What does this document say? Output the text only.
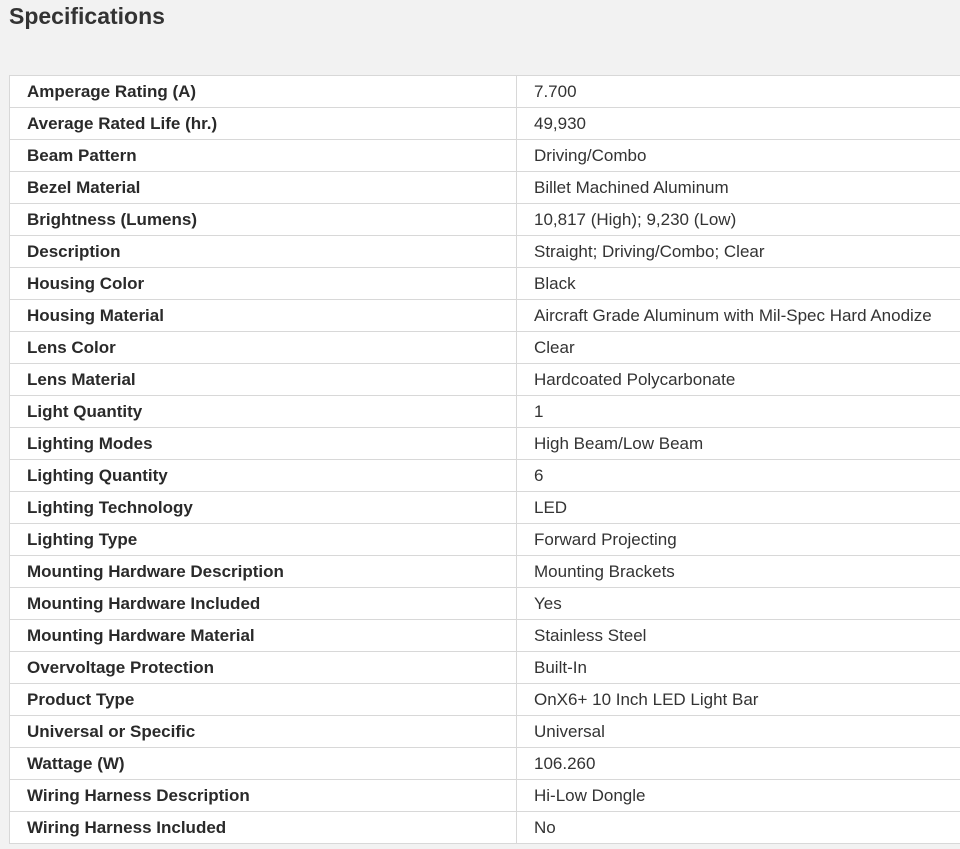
Specifications
Amperage Rating (A)	7.700
Average Rated Life (hr.)	49,930
Beam Pattern	Driving/Combo
Bezel Material	Billet Machined Aluminum
Brightness (Lumens)	10,817 (High); 9,230 (Low)
Description	Straight; Driving/Combo; Clear
Housing Color	Black
Housing Material	Aircraft Grade Aluminum with Mil-Spec Hard Anodize
Lens Color	Clear
Lens Material	Hardcoated Polycarbonate
Light Quantity	1
Lighting Modes	High Beam/Low Beam
Lighting Quantity	6
Lighting Technology	LED
Lighting Type	Forward Projecting
Mounting Hardware Description	Mounting Brackets
Mounting Hardware Included	Yes
Mounting Hardware Material	Stainless Steel
Overvoltage Protection	Built-In
Product Type	OnX6+ 10 Inch LED Light Bar
Universal or Specific	Universal
Wattage (W)	106.260
Wiring Harness Description	Hi-Low Dongle
Wiring Harness Included	No
